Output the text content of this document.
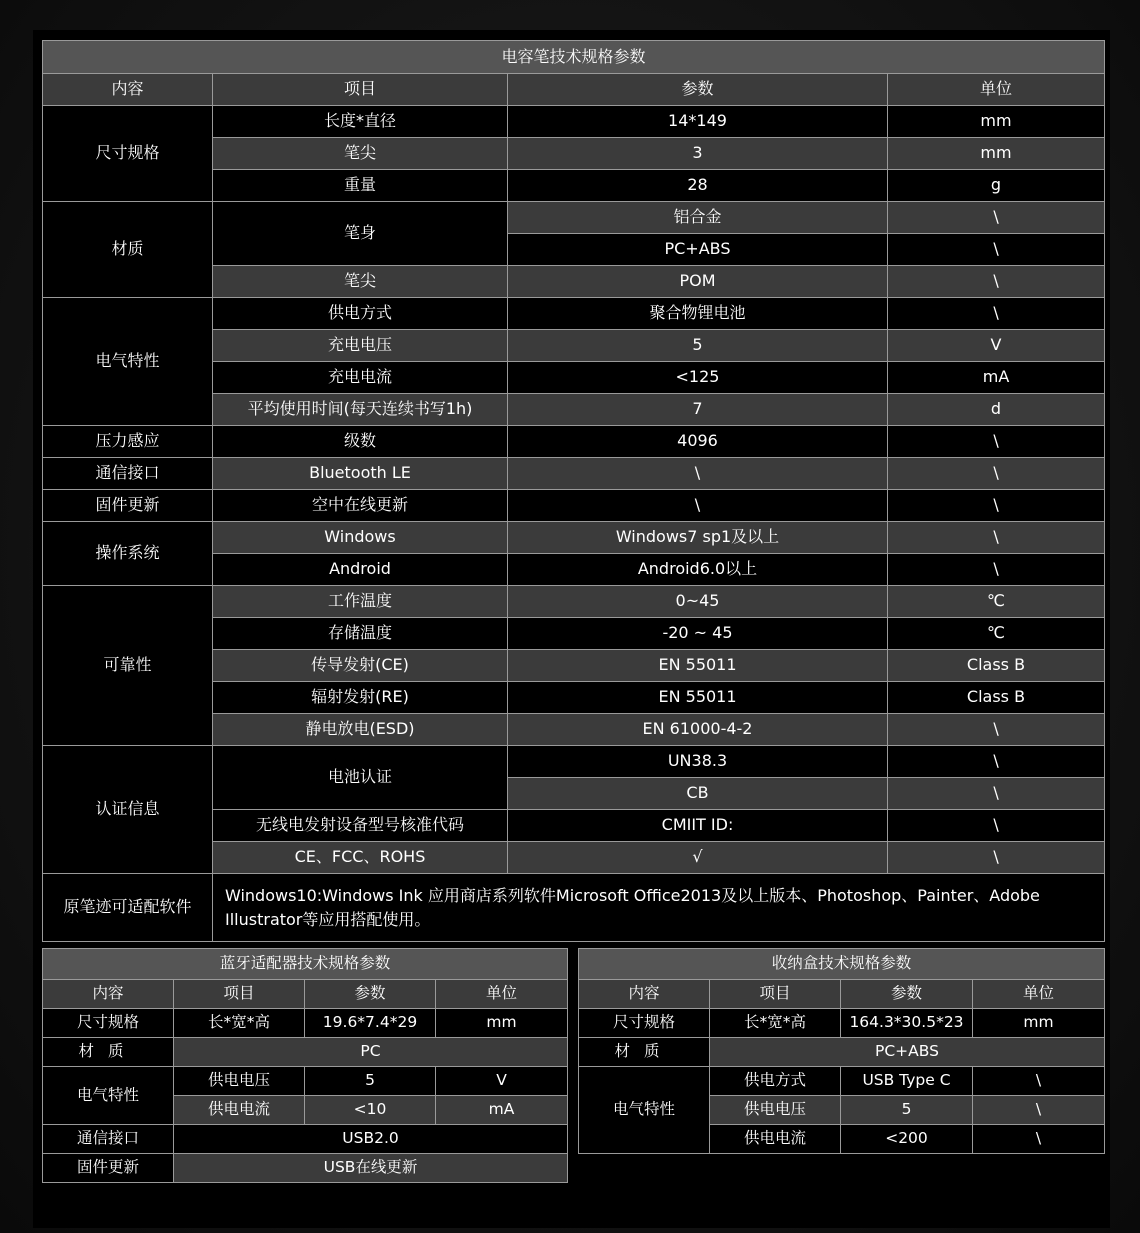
电容笔技术规格参数			
内容	项目	参数	单位
尺寸规格	长度*直径	14*149	mm
	笔尖	3	mm
	重量	28	g
材质	笔身	铝合金	\
		PC+ABS	\
	笔尖	POM	\
电气特性	供电方式	聚合物锂电池	\
	充电电压	5	V
	充电电流	<125	mA
	平均使用时间(每天连续书写1h)	7	d
压力感应	级数	4096	\
通信接口	Bluetooth LE	\	\
固件更新	空中在线更新	\	\
操作系统	Windows	Windows7 sp1及以上	\
	Android	Android6.0以上	\
可靠性	工作温度	0~45	℃
	存储温度	-20 ~ 45	℃
	传导发射(CE)	EN 55011	Class B
	辐射发射(RE)	EN 55011	Class B
	静电放电(ESD)	EN 61000-4-2	\
认证信息	电池认证	UN38.3	\
		CB	\
	无线电发射设备型号核准代码	CMIIT ID:	\
	CE、FCC、ROHS	√	\
原笔迹可适配软件	Windows10:Windows Ink 应用商店系列软件Microsoft Office2013及以上版本、Photoshop、Painter、Adobe Illustrator等应用搭配使用。		
蓝牙适配器技术规格参数			
内容	项目	参数	单位
尺寸规格	长*宽*高	19.6*7.4*29	mm
材质	PC		
电气特性	供电电压	5	V
	供电电流	<10	mA
通信接口	USB2.0		
固件更新	USB在线更新		
收纳盒技术规格参数			
内容	项目	参数	单位
尺寸规格	长*宽*高	164.3*30.5*23	mm
材质	PC+ABS		
电气特性	供电方式	USB Type C	\
	供电电压	5	\
	供电电流	<200	\
